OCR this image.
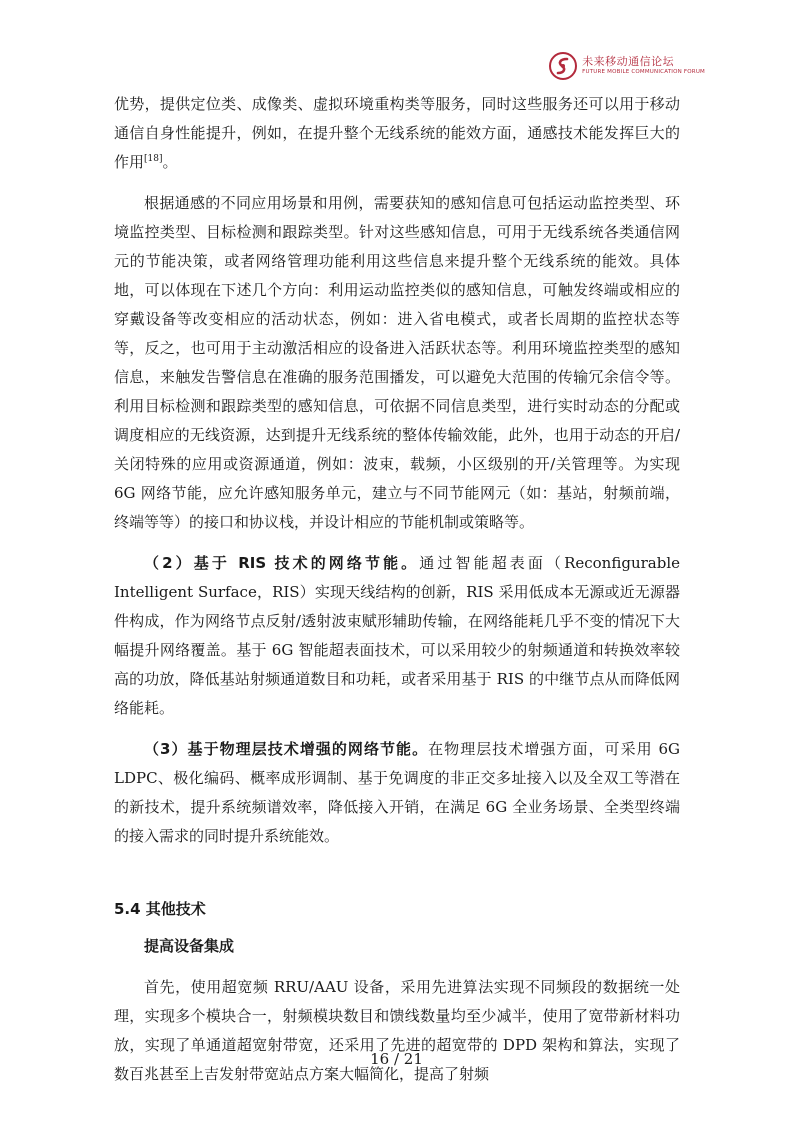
未来移动通信论坛
FUTURE MOBILE COMMUNICATION FORUM

优势，提供定位类、成像类、虚拟环境重构类等服务，同时这些服务还可以用于移动通信自身性能提升，例如，在提升整个无线系统的能效方面，通感技术能发挥巨大的作用[18]。

根据通感的不同应用场景和用例，需要获知的感知信息可包括运动监控类型、环境监控类型、目标检测和跟踪类型。针对这些感知信息，可用于无线系统各类通信网元的节能决策，或者网络管理功能利用这些信息来提升整个无线系统的能效。具体地，可以体现在下述几个方向：利用运动监控类似的感知信息，可触发终端或相应的穿戴设备等改变相应的活动状态，例如：进入省电模式，或者长周期的监控状态等等，反之，也可用于主动激活相应的设备进入活跃状态等。利用环境监控类型的感知信息，来触发告警信息在准确的服务范围播发，可以避免大范围的传输冗余信令等。利用目标检测和跟踪类型的感知信息，可依据不同信息类型，进行实时动态的分配或调度相应的无线资源，达到提升无线系统的整体传输效能，此外，也用于动态的开启/关闭特殊的应用或资源通道，例如：波束，载频，小区级别的开/关管理等。为实现 6G 网络节能，应允许感知服务单元，建立与不同节能网元（如：基站，射频前端，终端等等）的接口和协议栈，并设计相应的节能机制或策略等。

（2）基于 RIS 技术的网络节能。通过智能超表面（Reconfigurable Intelligent Surface，RIS）实现天线结构的创新，RIS 采用低成本无源或近无源器件构成，作为网络节点反射/透射波束赋形辅助传输，在网络能耗几乎不变的情况下大幅提升网络覆盖。基于 6G 智能超表面技术，可以采用较少的射频通道和转换效率较高的功放，降低基站射频通道数目和功耗，或者采用基于 RIS 的中继节点从而降低网络能耗。

（3）基于物理层技术增强的网络节能。在物理层技术增强方面，可采用 6G LDPC、极化编码、概率成形调制、基于免调度的非正交多址接入以及全双工等潜在的新技术，提升系统频谱效率，降低接入开销，在满足 6G 全业务场景、全类型终端的接入需求的同时提升系统能效。

5.4 其他技术

提高设备集成

首先，使用超宽频 RRU/AAU 设备，采用先进算法实现不同频段的数据统一处理，实现多个模块合一，射频模块数目和馈线数量均至少减半，使用了宽带新材料功放，实现了单通道超宽射带宽，还采用了先进的超宽带的 DPD 架构和算法，实现了数百兆甚至上吉发射带宽站点方案大幅简化，提高了射频

16 / 21
